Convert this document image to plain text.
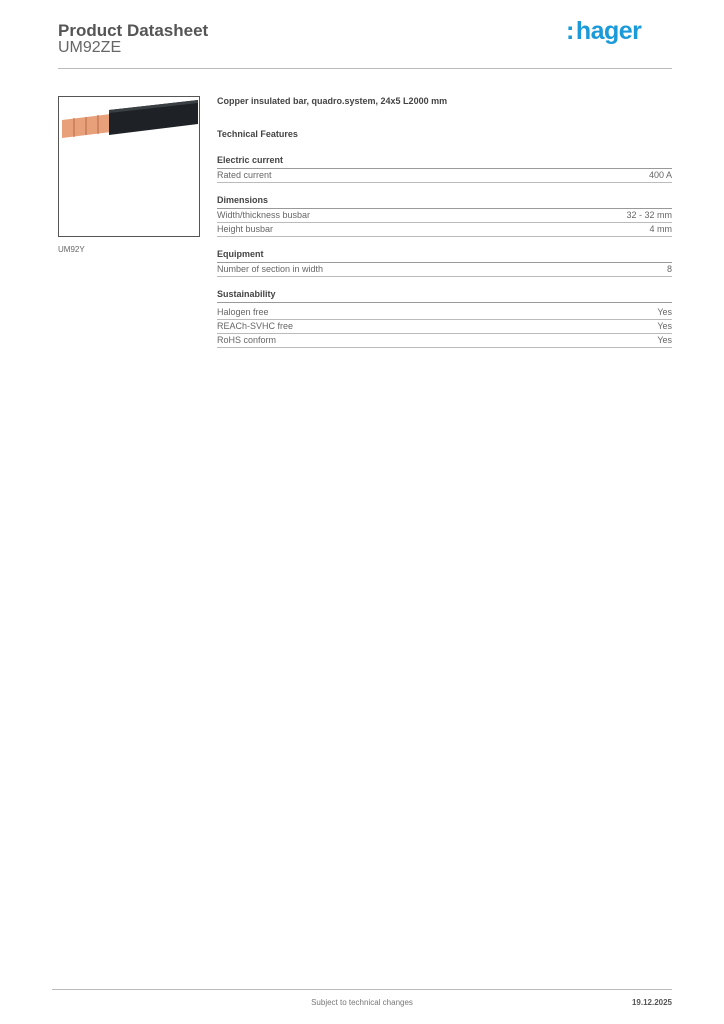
Product Datasheet
UM92ZE
:hager
UM92Y
Copper insulated bar, quadro.system, 24x5 L2000 mm
Technical Features
Electric current
Rated current	400 A
Dimensions
Width/thickness busbar	32 - 32 mm
Height busbar	4 mm
Equipment
Number of section in width	8
Sustainability
Halogen free	Yes
REACh-SVHC free	Yes
RoHS conform	Yes
Subject to technical changes	19.12.2025
